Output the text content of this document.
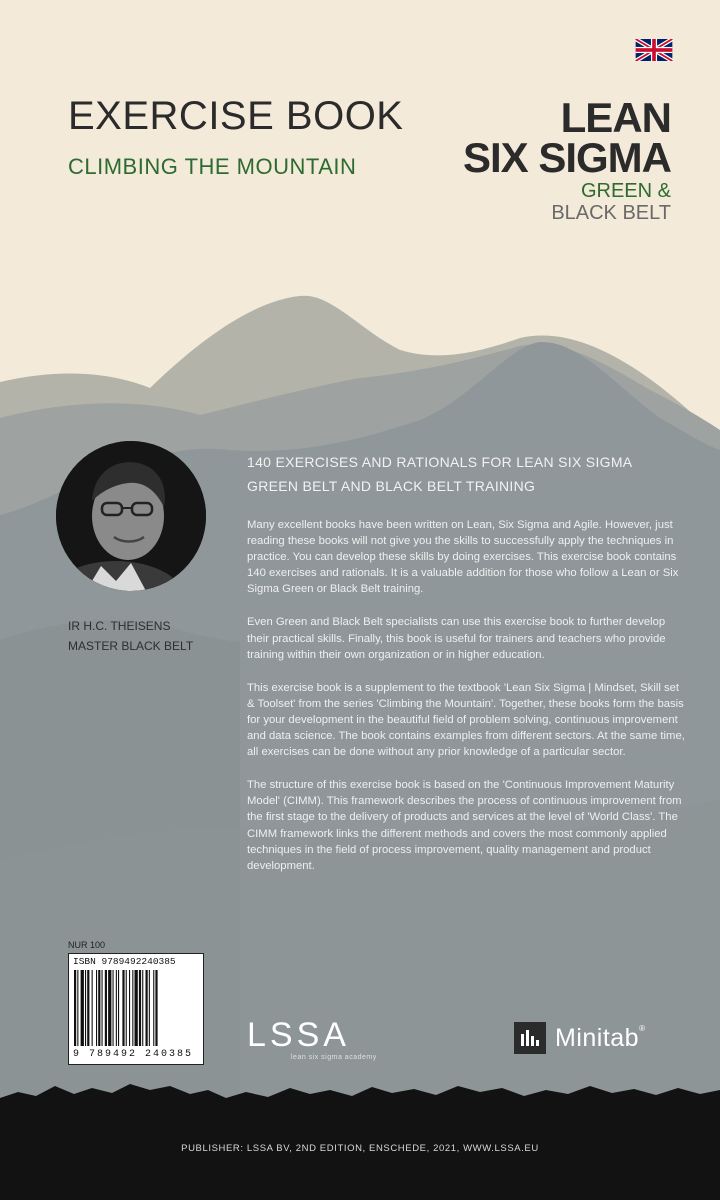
EXERCISE BOOK
CLIMBING THE MOUNTAIN
LEAN
SIX SIGMA
GREEN &
BLACK BELT
IR H.C. THEISENS
MASTER BLACK BELT
140 EXERCISES AND RATIONALS FOR LEAN SIX SIGMA
GREEN BELT AND BLACK BELT TRAINING

Many excellent books have been written on Lean, Six Sigma and Agile. However, just reading these books will not give you the skills to successfully apply the techniques in practice. You can develop these skills by doing exercises. This exercise book contains 140 exercises and rationals. It is a valuable addition for those who follow a Lean or Six Sigma Green or Black Belt training.

Even Green and Black Belt specialists can use this exercise book to further develop their practical skills. Finally, this book is useful for trainers and teachers who provide training within their own organization or in higher education.

This exercise book is a supplement to the textbook 'Lean Six Sigma | Mindset, Skill set & Toolset' from the series 'Climbing the Mountain'. Together, these books form the basis for your development in the beautiful field of problem solving, continuous improvement and data science. The book contains examples from different sectors. At the same time, all exercises can be done without any prior knowledge of a particular sector.

The structure of this exercise book is based on the 'Continuous Improvement Maturity Model' (CIMM). This framework describes the process of continuous improvement from the first stage to the delivery of products and services at the level of 'World Class'. The CIMM framework links the different methods and covers the most commonly applied techniques in the field of process improvement, quality management and product development.

NUR 100
ISBN 9789492240385
9 789492 240385
LSSA
lean six sigma academy
Minitab®
PUBLISHER: LSSA BV, 2ND EDITION, ENSCHEDE, 2021, WWW.LSSA.EU
